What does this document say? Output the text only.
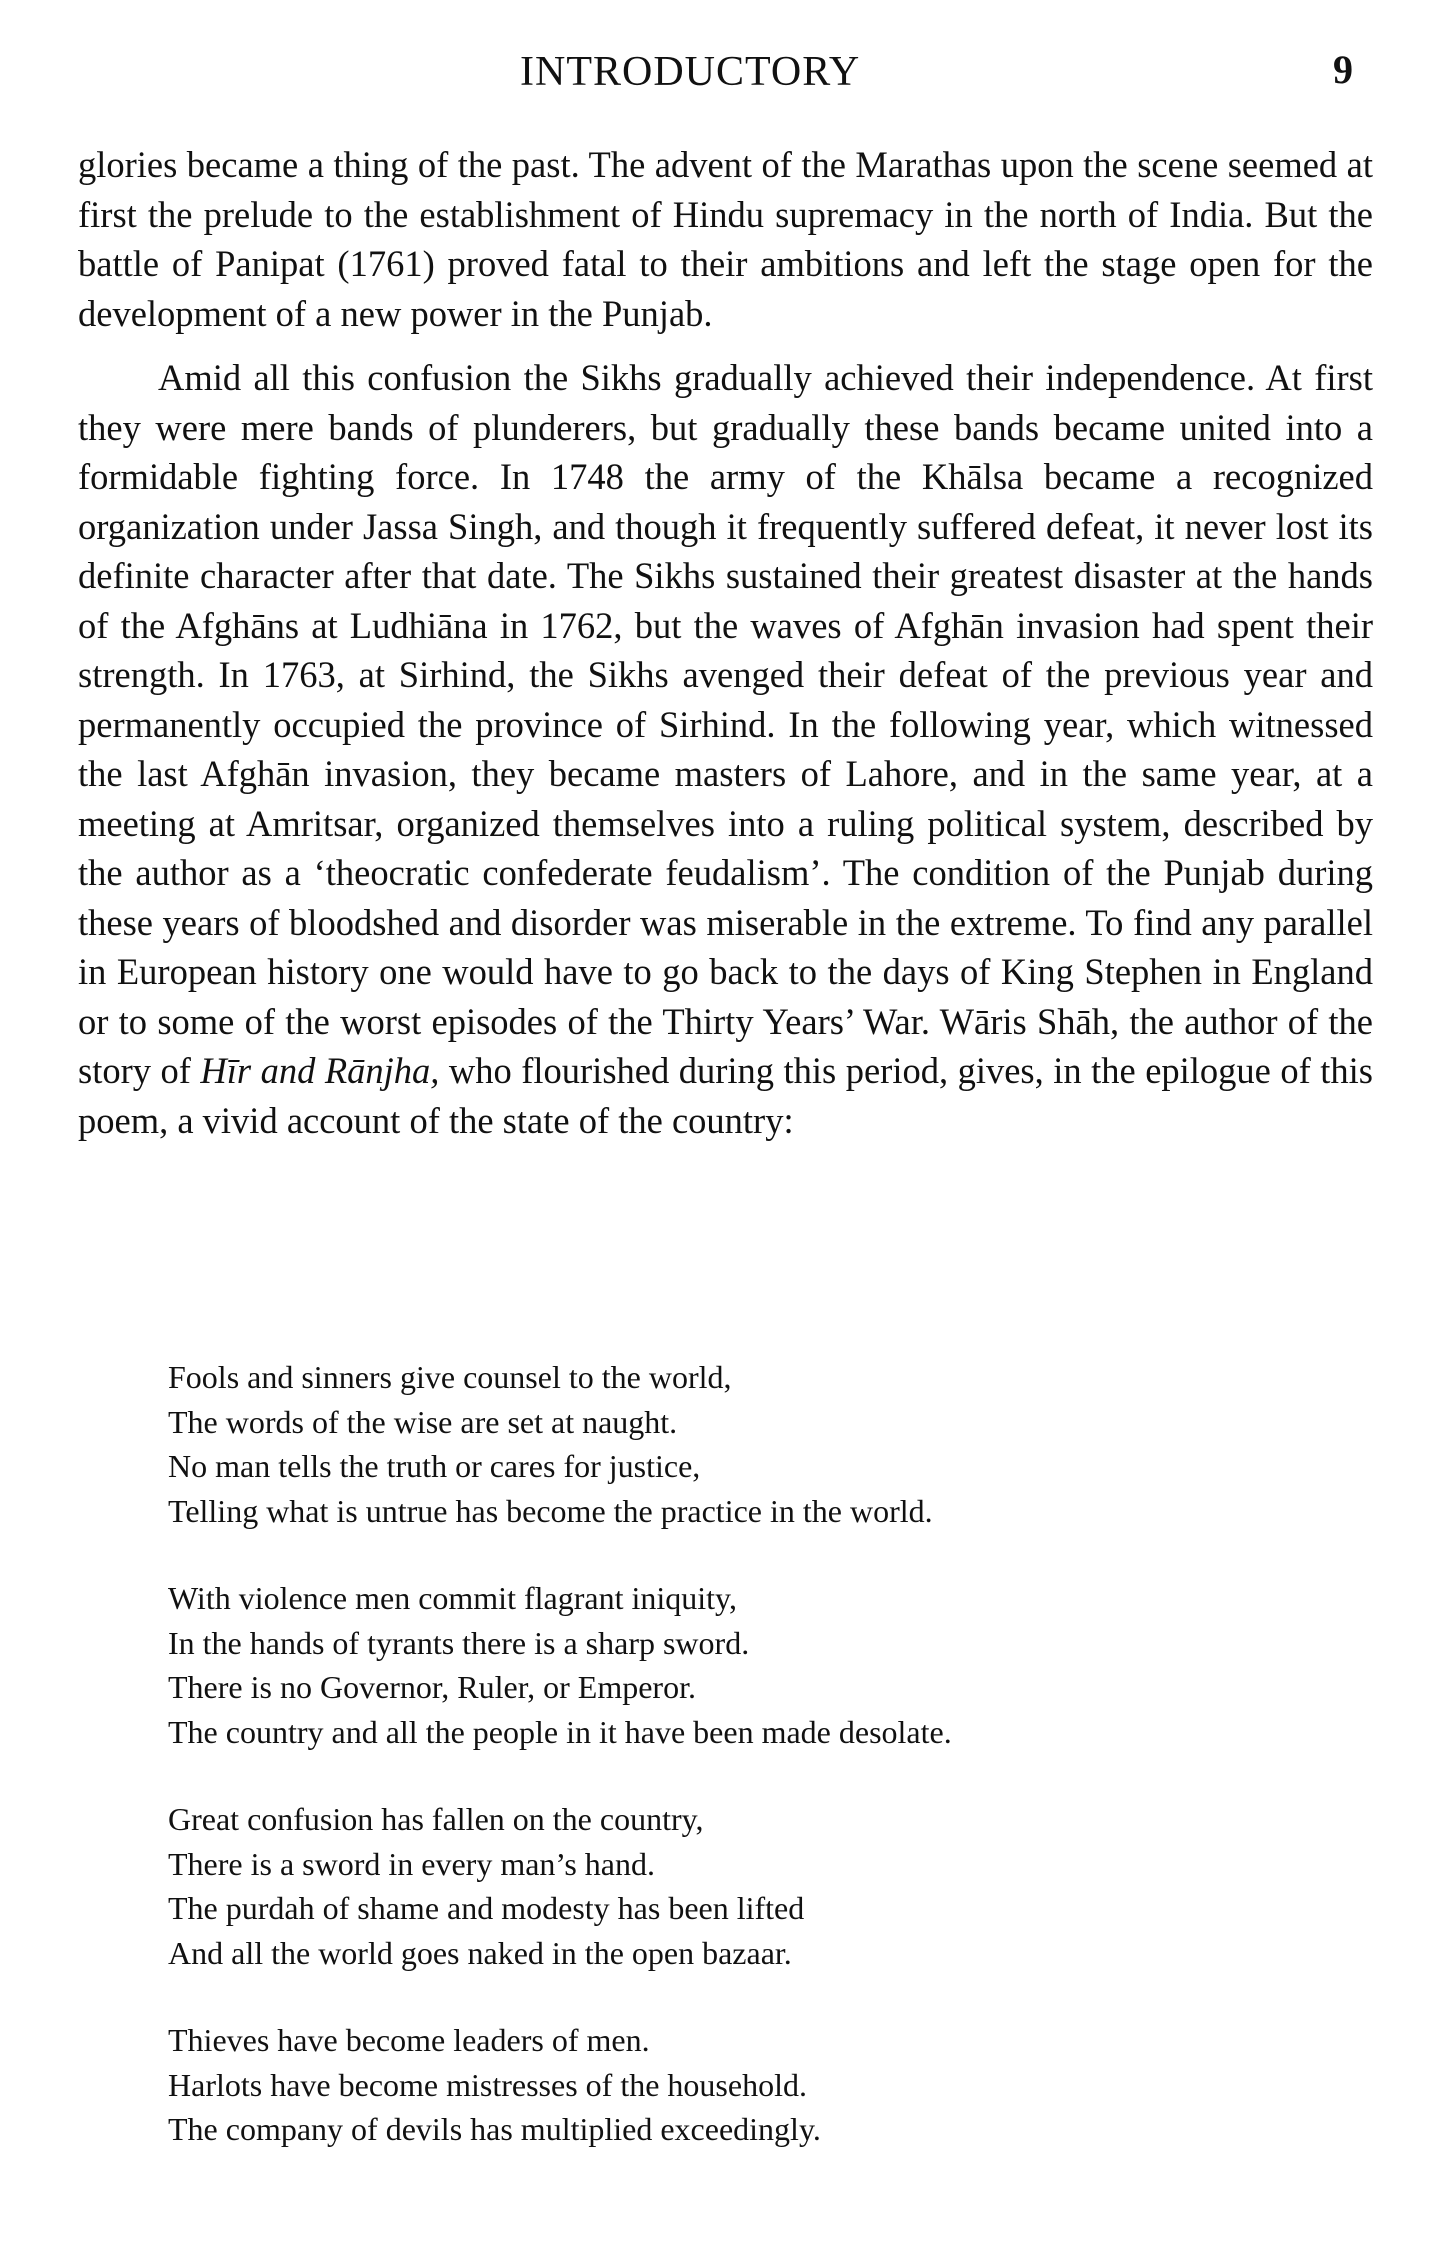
INTRODUCTORY	9

glories became a thing of the past. The advent of the Marathas upon the scene seemed at first the prelude to the establishment of Hindu supremacy in the north of India. But the battle of Panipat (1761) proved fatal to their ambitions and left the stage open for the development of a new power in the Punjab.

Amid all this confusion the Sikhs gradually achieved their independence. At first they were mere bands of plunderers, but gradually these bands became united into a formidable fighting force. In 1748 the army of the Khālsa became a recognized organization under Jassa Singh, and though it frequently suffered defeat, it never lost its definite character after that date. The Sikhs sustained their greatest disaster at the hands of the Afghāns at Ludhiāna in 1762, but the waves of Afghān invasion had spent their strength. In 1763, at Sirhind, the Sikhs avenged their defeat of the previous year and permanently occupied the province of Sirhind. In the following year, which witnessed the last Afghān invasion, they became masters of Lahore, and in the same year, at a meeting at Amritsar, organized themselves into a ruling political system, described by the author as a ‘theocratic confederate feudalism’. The condition of the Punjab during these years of bloodshed and disorder was miserable in the extreme. To find any parallel in European history one would have to go back to the days of King Stephen in England or to some of the worst episodes of the Thirty Years’ War. Wāris Shāh, the author of the story of Hīr and Rānjha, who flourished during this period, gives, in the epilogue of this poem, a vivid account of the state of the country:

Fools and sinners give counsel to the world,
The words of the wise are set at naught.
No man tells the truth or cares for justice,
Telling what is untrue has become the practice in the world.
With violence men commit flagrant iniquity,
In the hands of tyrants there is a sharp sword.
There is no Governor, Ruler, or Emperor.
The country and all the people in it have been made desolate.
Great confusion has fallen on the country,
There is a sword in every man’s hand.
The purdah of shame and modesty has been lifted
And all the world goes naked in the open bazaar.
Thieves have become leaders of men.
Harlots have become mistresses of the household.
The company of devils has multiplied exceedingly.
